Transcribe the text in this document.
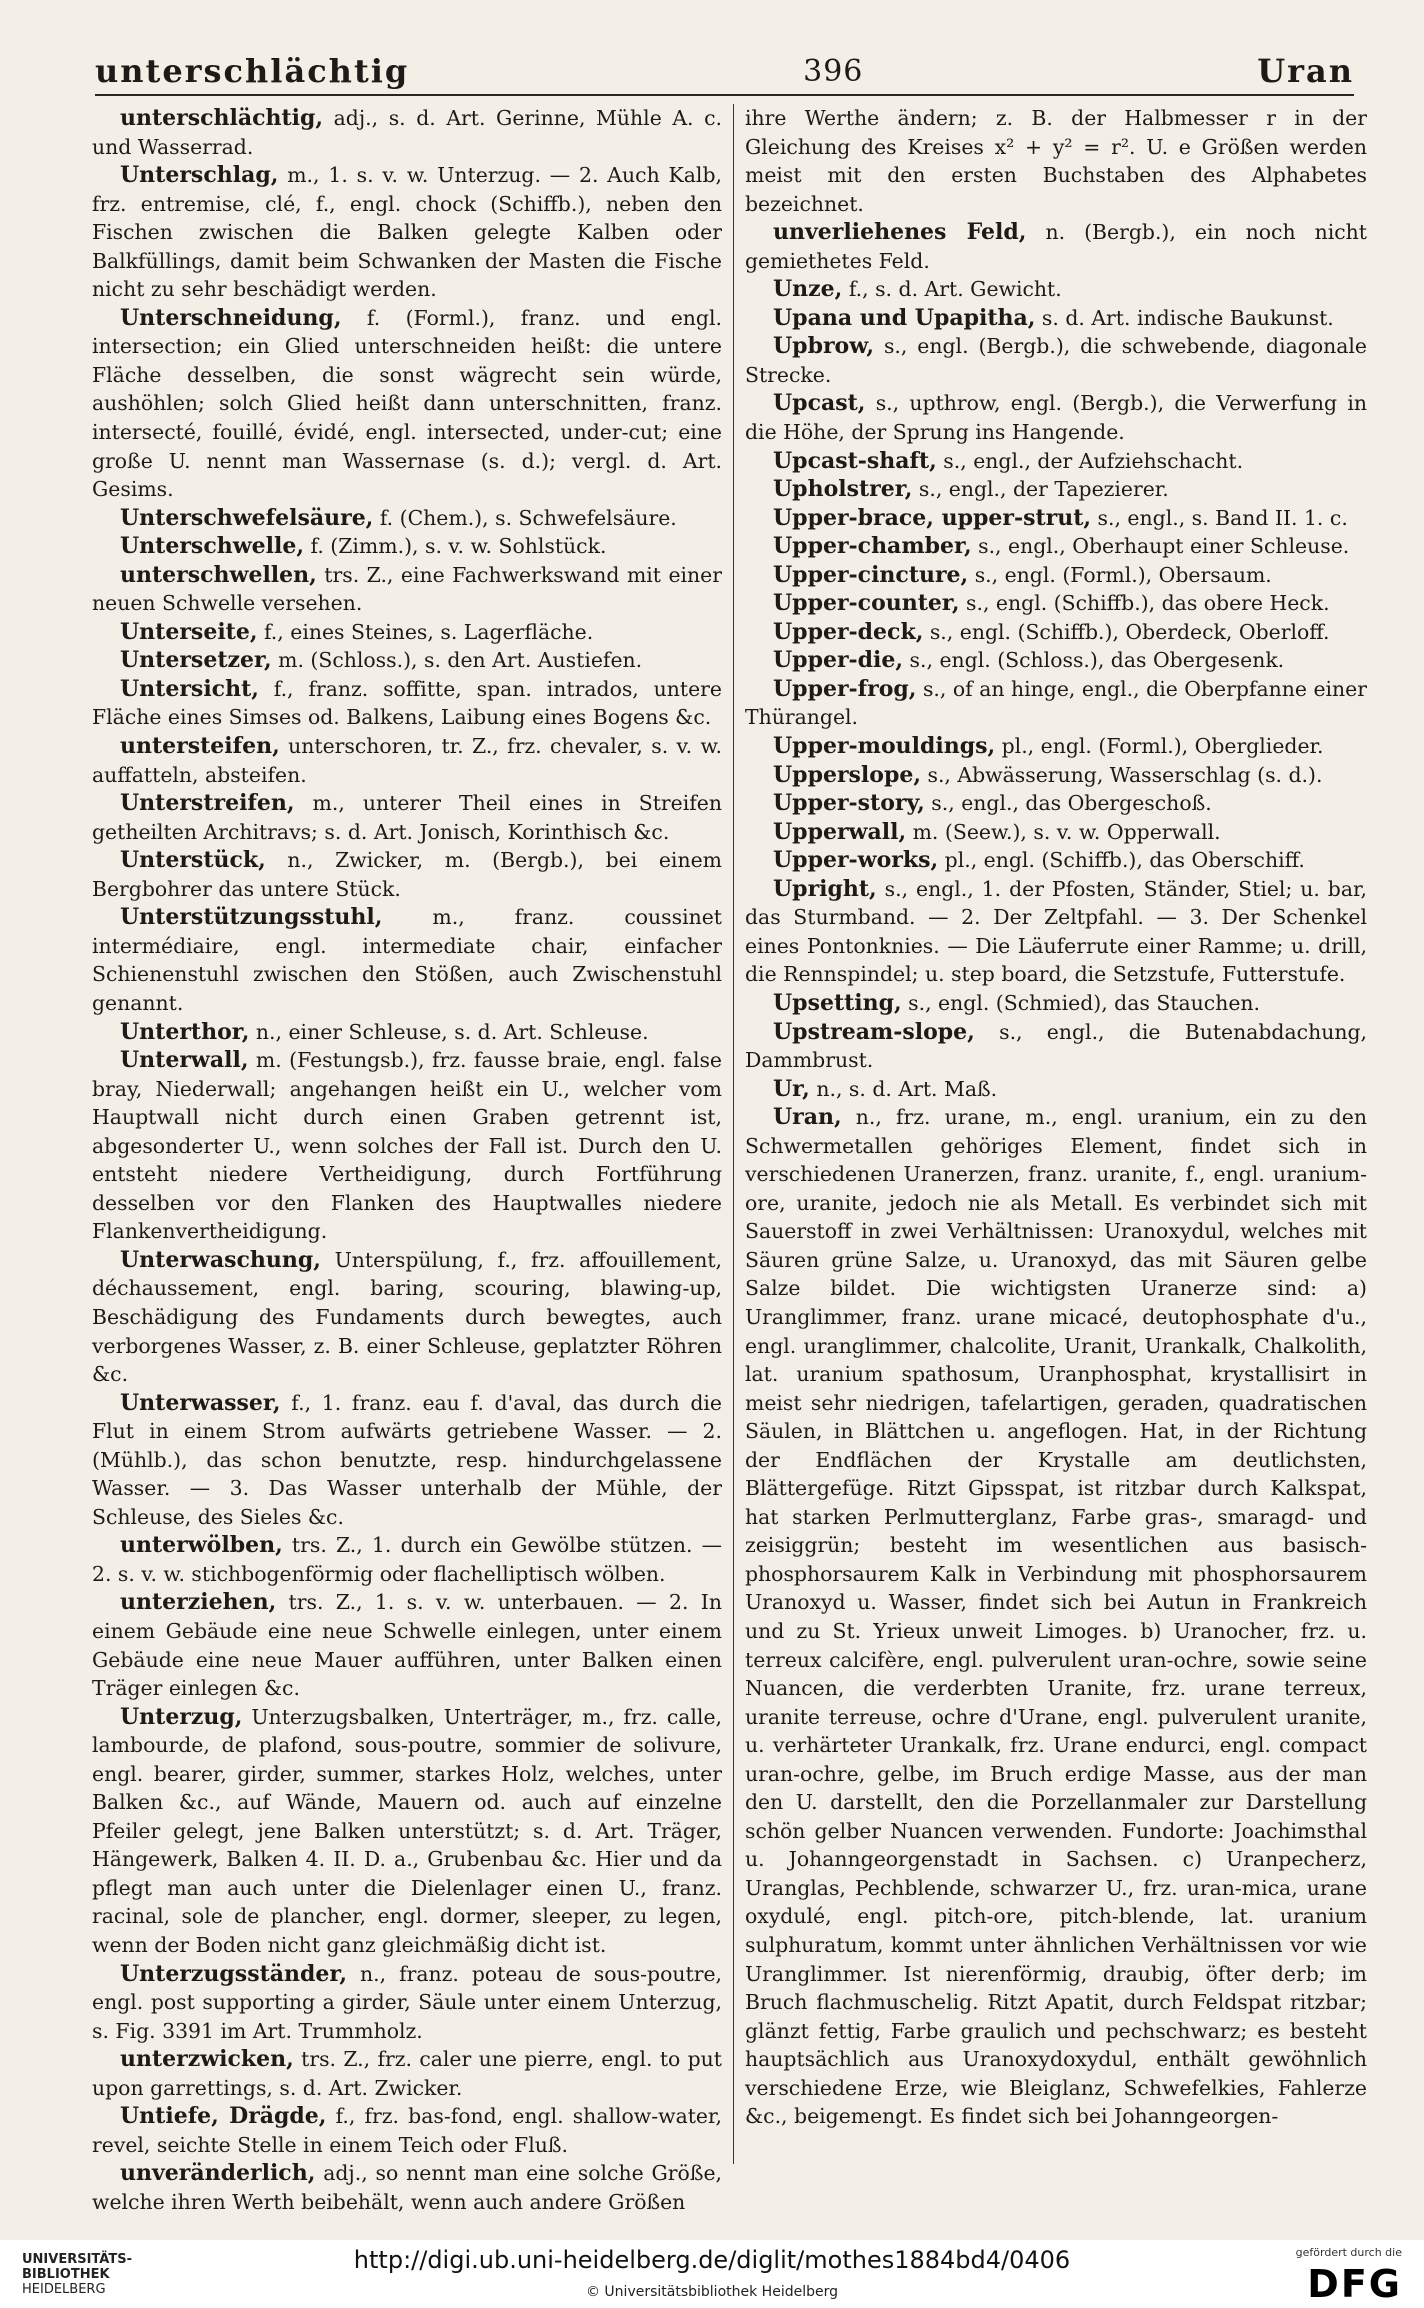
unterschlächtig	396	Uran

unterschlächtig, adj., s. d. Art. Gerinne, Mühle A. c. und Wasserrad.

Unterschlag, m., 1. s. v. w. Unterzug. — 2. Auch Kalb, frz. entremise, clé, f., engl. chock (Schiffb.), neben den Fischen zwischen die Balken gelegte Kalben oder Balkfüllings, damit beim Schwanken der Masten die Fische nicht zu sehr beschädigt werden.

Unterschneidung, f. (Forml.), franz. und engl. intersection; ein Glied unterschneiden heißt: die untere Fläche desselben, die sonst wägrecht sein würde, aushöhlen; solch Glied heißt dann unterschnitten, franz. intersecté, fouillé, évidé, engl. intersected, under-cut; eine große U. nennt man Wassernase (s. d.); vergl. d. Art. Gesims.

Unterschwefelsäure, f. (Chem.), s. Schwefelsäure.

Unterschwelle, f. (Zimm.), s. v. w. Sohlstück.

unterschwellen, trs. Z., eine Fachwerkswand mit einer neuen Schwelle versehen.

Unterseite, f., eines Steines, s. Lagerfläche.

Untersetzer, m. (Schloss.), s. den Art. Austiefen.

Untersicht, f., franz. soffitte, span. intrados, untere Fläche eines Simses od. Balkens, Laibung eines Bogens &c.

untersteifen, unterschoren, tr. Z., frz. chevaler, s. v. w. auffatteln, absteifen.

Unterstreifen, m., unterer Theil eines in Streifen getheilten Architravs; s. d. Art. Jonisch, Korinthisch &c.

Unterstück, n., Zwicker, m. (Bergb.), bei einem Bergbohrer das untere Stück.

Unterstützungsstuhl, m., franz. coussinet intermédiaire, engl. intermediate chair, einfacher Schienenstuhl zwischen den Stößen, auch Zwischenstuhl genannt.

Unterthor, n., einer Schleuse, s. d. Art. Schleuse.

Unterwall, m. (Festungsb.), frz. fausse braie, engl. false bray, Niederwall; angehangen heißt ein U., welcher vom Hauptwall nicht durch einen Graben getrennt ist, abgesonderter U., wenn solches der Fall ist. Durch den U. entsteht niedere Vertheidigung, durch Fortführung desselben vor den Flanken des Hauptwalles niedere Flankenvertheidigung.

Unterwaschung, Unterspülung, f., frz. affouillement, déchaussement, engl. baring, scouring, blawing-up, Beschädigung des Fundaments durch bewegtes, auch verborgenes Wasser, z. B. einer Schleuse, geplatzter Röhren &c.

Unterwasser, f., 1. franz. eau f. d'aval, das durch die Flut in einem Strom aufwärts getriebene Wasser. — 2. (Mühlb.), das schon benutzte, resp. hindurchgelassene Wasser. — 3. Das Wasser unterhalb der Mühle, der Schleuse, des Sieles &c.

unterwölben, trs. Z., 1. durch ein Gewölbe stützen. — 2. s. v. w. stichbogenförmig oder flachelliptisch wölben.

unterziehen, trs. Z., 1. s. v. w. unterbauen. — 2. In einem Gebäude eine neue Schwelle einlegen, unter einem Gebäude eine neue Mauer aufführen, unter Balken einen Träger einlegen &c.

Unterzug, Unterzugsbalken, Unterträger, m., frz. calle, lambourde, de plafond, sous-poutre, sommier de solivure, engl. bearer, girder, summer, starkes Holz, welches, unter Balken &c., auf Wände, Mauern od. auch auf einzelne Pfeiler gelegt, jene Balken unterstützt; s. d. Art. Träger, Hängewerk, Balken 4. II. D. a., Grubenbau &c. Hier und da pflegt man auch unter die Dielenlager einen U., franz. racinal, sole de plancher, engl. dormer, sleeper, zu legen, wenn der Boden nicht ganz gleichmäßig dicht ist.

Unterzugsständer, n., franz. poteau de sous-poutre, engl. post supporting a girder, Säule unter einem Unterzug, s. Fig. 3391 im Art. Trummholz.

unterzwicken, trs. Z., frz. caler une pierre, engl. to put upon garrettings, s. d. Art. Zwicker.

Untiefe, Drägde, f., frz. bas-fond, engl. shallow-water, revel, seichte Stelle in einem Teich oder Fluß.

unveränderlich, adj., so nennt man eine solche Größe, welche ihren Werth beibehält, wenn auch andere Größen

ihre Werthe ändern; z. B. der Halbmesser r in der Gleichung des Kreises x² + y² = r². U. e Größen werden meist mit den ersten Buchstaben des Alphabetes bezeichnet.

unverliehenes Feld, n. (Bergb.), ein noch nicht gemiethetes Feld.

Unze, f., s. d. Art. Gewicht.

Upana und Upapitha, s. d. Art. indische Baukunst.

Upbrow, s., engl. (Bergb.), die schwebende, diagonale Strecke.

Upcast, s., upthrow, engl. (Bergb.), die Verwerfung in die Höhe, der Sprung ins Hangende.

Upcast-shaft, s., engl., der Aufziehschacht.

Upholstrer, s., engl., der Tapezierer.

Upper-brace, upper-strut, s., engl., s. Band II. 1. c.

Upper-chamber, s., engl., Oberhaupt einer Schleuse.

Upper-cincture, s., engl. (Forml.), Obersaum.

Upper-counter, s., engl. (Schiffb.), das obere Heck.

Upper-deck, s., engl. (Schiffb.), Oberdeck, Oberloff.

Upper-die, s., engl. (Schloss.), das Obergesenk.

Upper-frog, s., of an hinge, engl., die Oberpfanne einer Thürangel.

Upper-mouldings, pl., engl. (Forml.), Oberglieder.

Upperslope, s., Abwässerung, Wasserschlag (s. d.).

Upper-story, s., engl., das Obergeschoß.

Upperwall, m. (Seew.), s. v. w. Opperwall.

Upper-works, pl., engl. (Schiffb.), das Oberschiff.

Upright, s., engl., 1. der Pfosten, Ständer, Stiel; u. bar, das Sturmband. — 2. Der Zeltpfahl. — 3. Der Schenkel eines Pontonknies. — Die Läuferrute einer Ramme; u. drill, die Rennspindel; u. step board, die Setzstufe, Futterstufe.

Upsetting, s., engl. (Schmied), das Stauchen.

Upstream-slope, s., engl., die Butenabdachung, Dammbrust.

Ur, n., s. d. Art. Maß.

Uran, n., frz. urane, m., engl. uranium, ein zu den Schwermetallen gehöriges Element, findet sich in verschiedenen Uranerzen, franz. uranite, f., engl. uranium-ore, uranite, jedoch nie als Metall. Es verbindet sich mit Sauerstoff in zwei Verhältnissen: Uranoxydul, welches mit Säuren grüne Salze, u. Uranoxyd, das mit Säuren gelbe Salze bildet. Die wichtigsten Uranerze sind: a) Uranglimmer, franz. urane micacé, deutophosphate d'u., engl. uranglimmer, chalcolite, Uranit, Urankalk, Chalkolith, lat. uranium spathosum, Uranphosphat, krystallisirt in meist sehr niedrigen, tafelartigen, geraden, quadratischen Säulen, in Blättchen u. angeflogen. Hat, in der Richtung der Endflächen der Krystalle am deutlichsten, Blättergefüge. Ritzt Gipsspat, ist ritzbar durch Kalkspat, hat starken Perlmutterglanz, Farbe gras-, smaragd- und zeisiggrün; besteht im wesentlichen aus basisch-phosphorsaurem Kalk in Verbindung mit phosphorsaurem Uranoxyd u. Wasser, findet sich bei Autun in Frankreich und zu St. Yrieux unweit Limoges. b) Uranocher, frz. u. terreux calcifère, engl. pulverulent uran-ochre, sowie seine Nuancen, die verderbten Uranite, frz. urane terreux, uranite terreuse, ochre d'Urane, engl. pulverulent uranite, u. verhärteter Urankalk, frz. Urane endurci, engl. compact uran-ochre, gelbe, im Bruch erdige Masse, aus der man den U. darstellt, den die Porzellanmaler zur Darstellung schön gelber Nuancen verwenden. Fundorte: Joachimsthal u. Johanngeorgenstadt in Sachsen. c) Uranpecherz, Uranglas, Pechblende, schwarzer U., frz. uran-mica, urane oxydulé, engl. pitch-ore, pitch-blende, lat. uranium sulphuratum, kommt unter ähnlichen Verhältnissen vor wie Uranglimmer. Ist nierenförmig, draubig, öfter derb; im Bruch flachmuschelig. Ritzt Apatit, durch Feldspat ritzbar; glänzt fettig, Farbe graulich und pechschwarz; es besteht hauptsächlich aus Uranoxydoxydul, enthält gewöhnlich verschiedene Erze, wie Bleiglanz, Schwefelkies, Fahlerze &c., beigemengt. Es findet sich bei Johanngeorgen-

UNIVERSITÄTS-BIBLIOTHEK
HEIDELBERG
http://digi.ub.uni-heidelberg.de/diglit/mothes1884bd4/0406
© Universitätsbibliothek Heidelberg
gefördert durch die
DFG
